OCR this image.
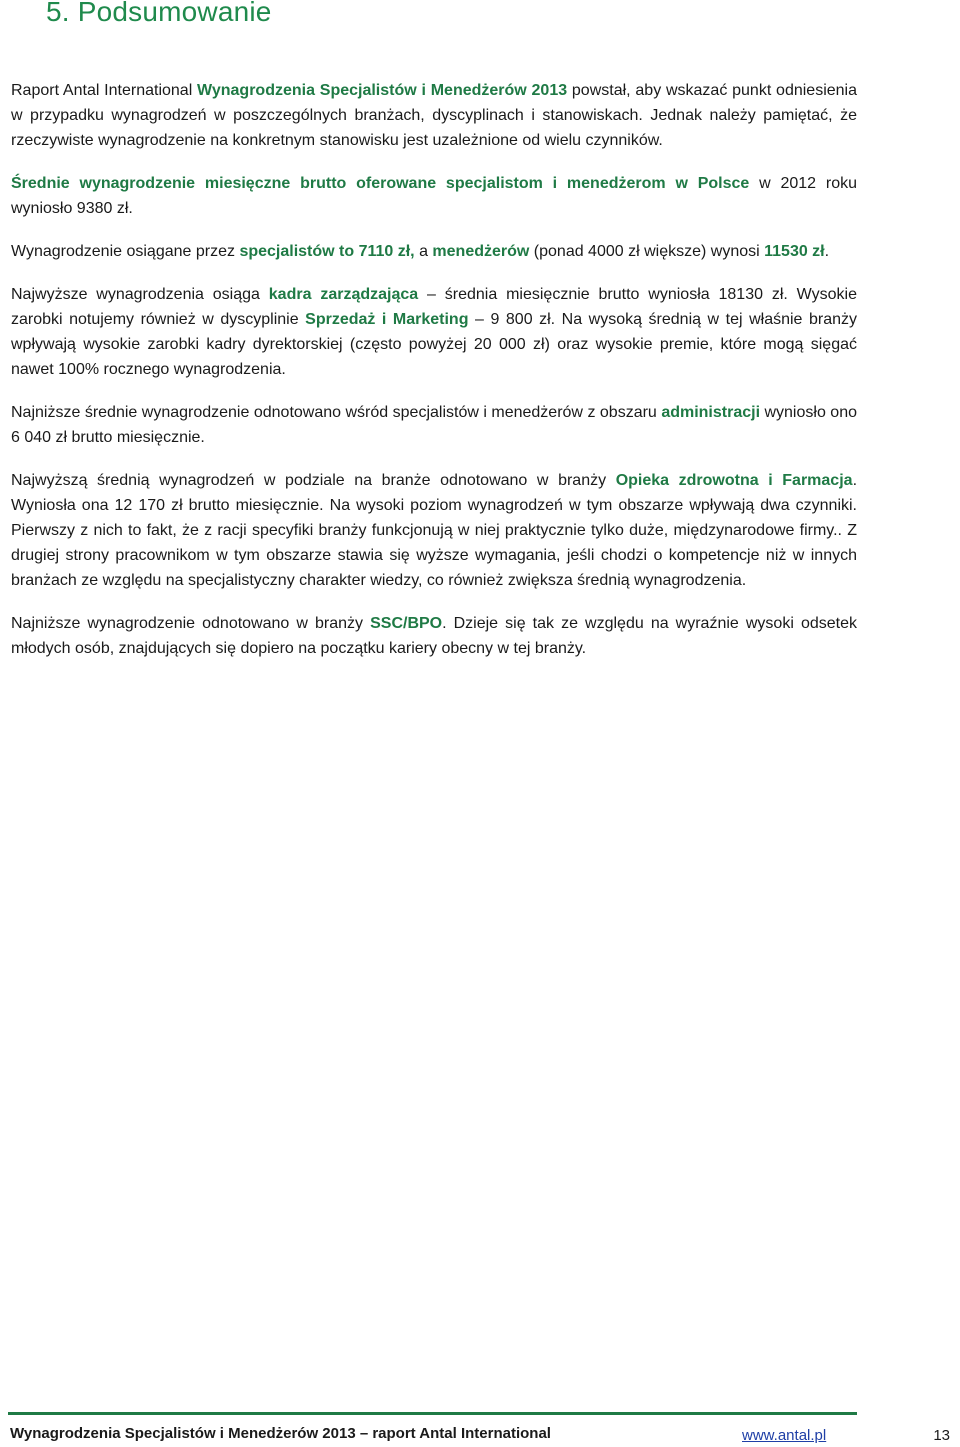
5. Podsumowanie

Raport Antal International Wynagrodzenia Specjalistów i Menedżerów 2013 powstał, aby wskazać punkt odniesienia w przypadku wynagrodzeń w poszczególnych branżach, dyscyplinach i stanowiskach. Jednak należy pamiętać, że rzeczywiste wynagrodzenie na konkretnym stanowisku jest uzależnione od wielu czynników.

Średnie wynagrodzenie miesięczne brutto oferowane specjalistom i menedżerom w Polsce w 2012 roku wyniosło 9380 zł.

Wynagrodzenie osiągane przez specjalistów to 7110 zł, a menedżerów (ponad 4000 zł większe) wynosi 11530 zł.

Najwyższe wynagrodzenia osiąga kadra zarządzająca – średnia miesięcznie brutto wyniosła 18130 zł. Wysokie zarobki notujemy również w dyscyplinie Sprzedaż i Marketing – 9 800 zł. Na wysoką średnią w tej właśnie branży wpływają wysokie zarobki kadry dyrektorskiej (często powyżej 20 000 zł) oraz wysokie premie, które mogą sięgać nawet 100% rocznego wynagrodzenia.

Najniższe średnie wynagrodzenie odnotowano wśród specjalistów i menedżerów z obszaru administracji wyniosło ono 6 040 zł brutto miesięcznie.

Najwyższą średnią wynagrodzeń w podziale na branże odnotowano w branży Opieka zdrowotna i Farmacja. Wyniosła ona 12 170 zł brutto miesięcznie. Na wysoki poziom wynagrodzeń w tym obszarze wpływają dwa czynniki. Pierwszy z nich to fakt, że z racji specyfiki branży funkcjonują w niej praktycznie tylko duże, międzynarodowe firmy.. Z drugiej strony pracownikom w tym obszarze stawia się wyższe wymagania, jeśli chodzi o kompetencje niż w innych branżach ze względu na specjalistyczny charakter wiedzy, co również zwiększa średnią wynagrodzenia.

Najniższe wynagrodzenie odnotowano w branży SSC/BPO. Dzieje się tak ze względu na wyraźnie wysoki odsetek młodych osób, znajdujących się dopiero na początku kariery obecny w tej branży.

Wynagrodzenia Specjalistów i Menedżerów 2013 – raport Antal International	www.antal.pl	13
